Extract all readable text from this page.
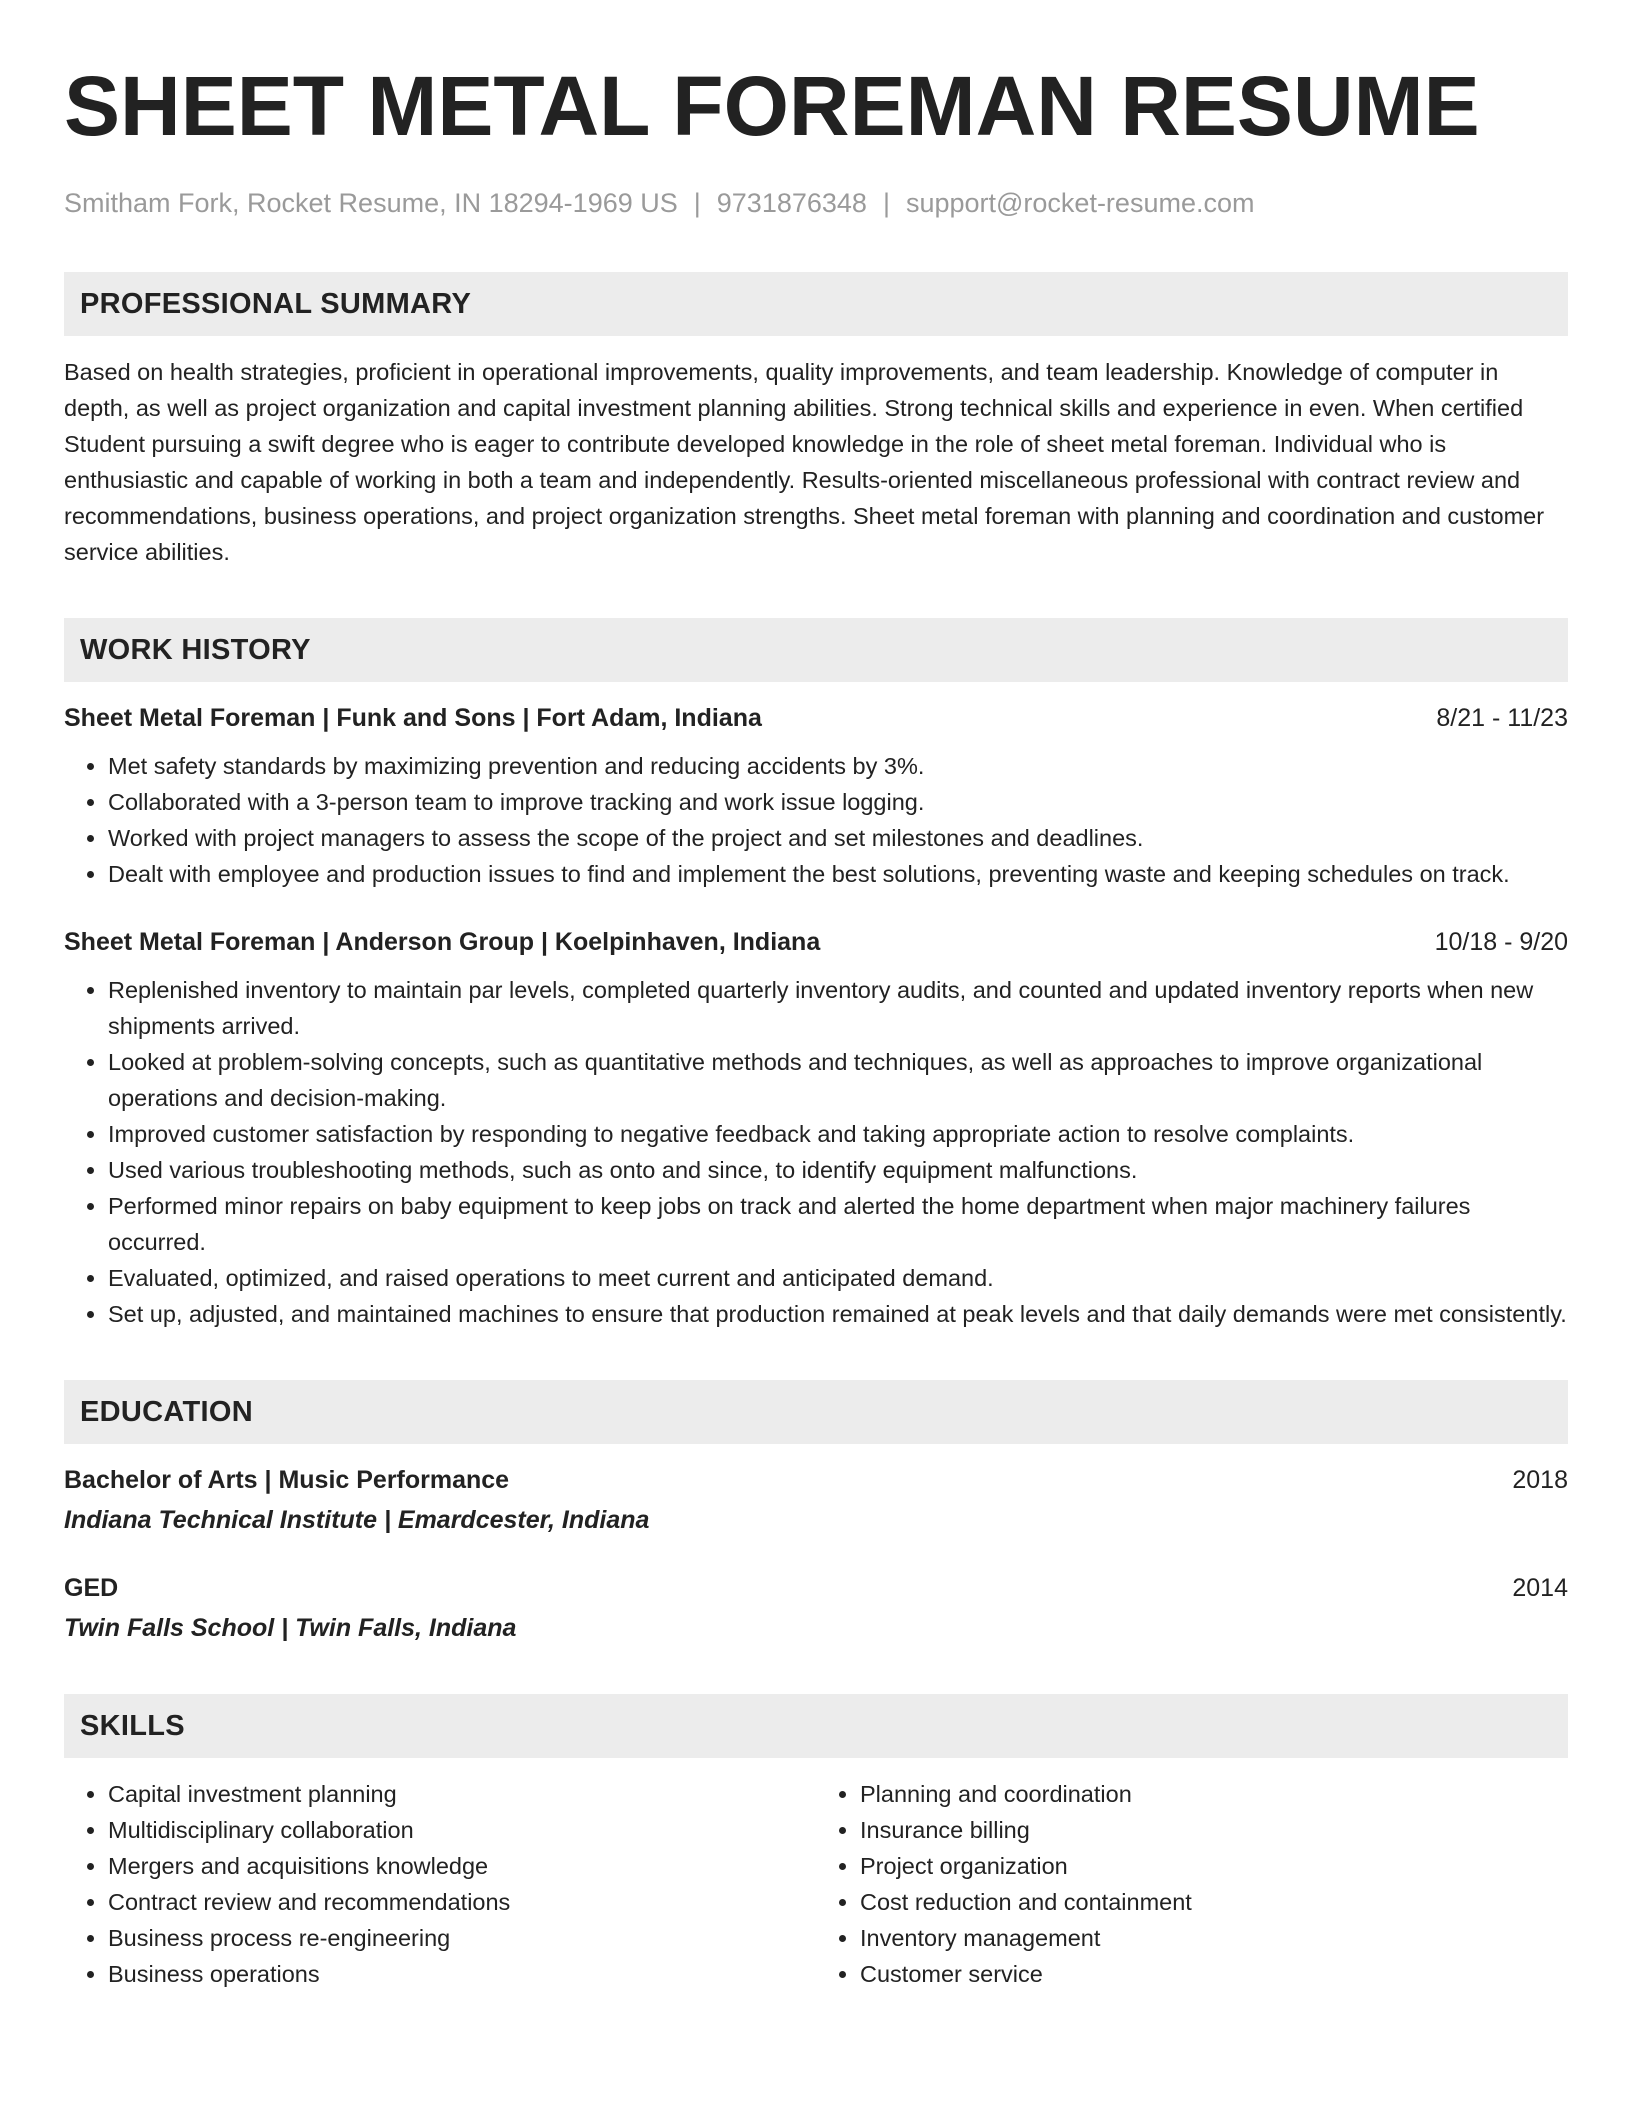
SHEET METAL FOREMAN RESUME
Smitham Fork, Rocket Resume, IN 18294-1969 US | 9731876348 | support@rocket-resume.com
PROFESSIONAL SUMMARY
Based on health strategies, proficient in operational improvements, quality improvements, and team leadership. Knowledge of computer in depth, as well as project organization and capital investment planning abilities. Strong technical skills and experience in even. When certified Student pursuing a swift degree who is eager to contribute developed knowledge in the role of sheet metal foreman. Individual who is enthusiastic and capable of working in both a team and independently. Results-oriented miscellaneous professional with contract review and recommendations, business operations, and project organization strengths. Sheet metal foreman with planning and coordination and customer service abilities.
WORK HISTORY
Sheet Metal Foreman | Funk and Sons | Fort Adam, Indiana	8/21 - 11/23
• Met safety standards by maximizing prevention and reducing accidents by 3%.
• Collaborated with a 3-person team to improve tracking and work issue logging.
• Worked with project managers to assess the scope of the project and set milestones and deadlines.
• Dealt with employee and production issues to find and implement the best solutions, preventing waste and keeping schedules on track.
Sheet Metal Foreman | Anderson Group | Koelpinhaven, Indiana	10/18 - 9/20
• Replenished inventory to maintain par levels, completed quarterly inventory audits, and counted and updated inventory reports when new shipments arrived.
• Looked at problem-solving concepts, such as quantitative methods and techniques, as well as approaches to improve organizational operations and decision-making.
• Improved customer satisfaction by responding to negative feedback and taking appropriate action to resolve complaints.
• Used various troubleshooting methods, such as onto and since, to identify equipment malfunctions.
• Performed minor repairs on baby equipment to keep jobs on track and alerted the home department when major machinery failures occurred.
• Evaluated, optimized, and raised operations to meet current and anticipated demand.
• Set up, adjusted, and maintained machines to ensure that production remained at peak levels and that daily demands were met consistently.
EDUCATION
Bachelor of Arts | Music Performance	2018
Indiana Technical Institute | Emardcester, Indiana
GED	2014
Twin Falls School | Twin Falls, Indiana
SKILLS
• Capital investment planning
• Multidisciplinary collaboration
• Mergers and acquisitions knowledge
• Contract review and recommendations
• Business process re-engineering
• Business operations
• Planning and coordination
• Insurance billing
• Project organization
• Cost reduction and containment
• Inventory management
• Customer service
